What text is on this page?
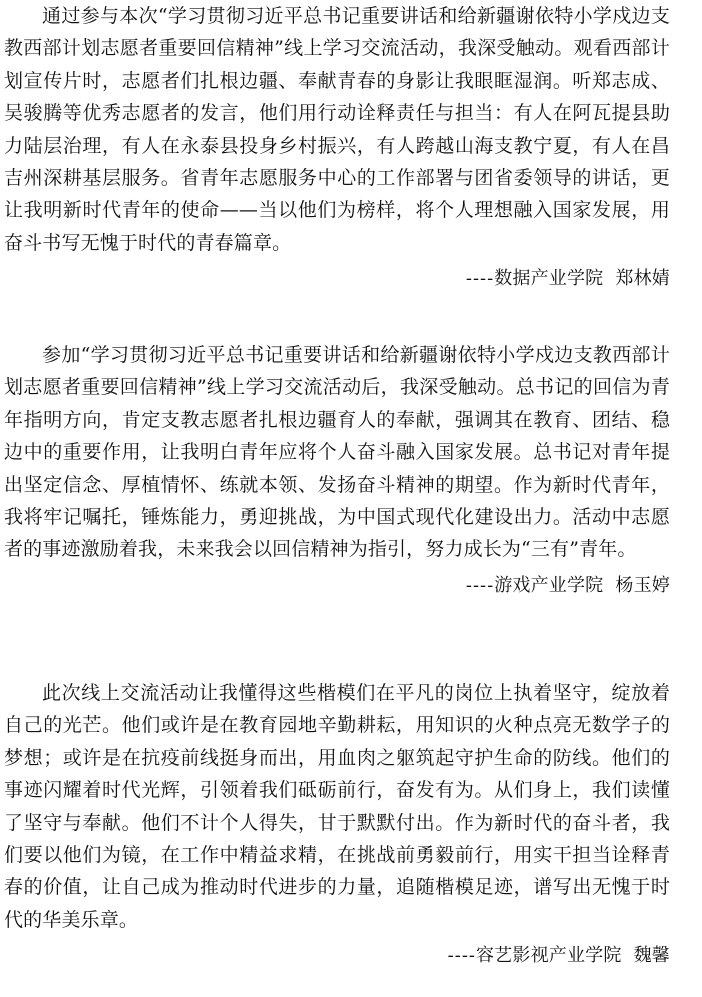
通过参与本次“学习贯彻习近平总书记重要讲话和给新疆谢依特小学戍边支教西部计划志愿者重要回信精神”线上学习交流活动，我深受触动。观看西部计划宣传片时，志愿者们扎根边疆、奉献青春的身影让我眼眶湿润。听郑志成、吴骏腾等优秀志愿者的发言，他们用行动诠释责任与担当：有人在阿瓦提县助力陆层治理，有人在永泰县投身乡村振兴，有人跨越山海支教宁夏，有人在昌吉州深耕基层服务。省青年志愿服务中心的工作部署与团省委领导的讲话，更让我明新时代青年的使命——当以他们为榜样，将个人理想融入国家发展，用奋斗书写无愧于时代的青春篇章。

----数据产业学院 郑林婧

参加“学习贯彻习近平总书记重要讲话和给新疆谢依特小学戍边支教西部计划志愿者重要回信精神”线上学习交流活动后，我深受触动。总书记的回信为青年指明方向，肯定支教志愿者扎根边疆育人的奉献，强调其在教育、团结、稳边中的重要作用，让我明白青年应将个人奋斗融入国家发展。总书记对青年提出坚定信念、厚植情怀、练就本领、发扬奋斗精神的期望。作为新时代青年，我将牢记嘱托，锤炼能力，勇迎挑战，为中国式现代化建设出力。活动中志愿者的事迹激励着我，未来我会以回信精神为指引，努力成长为“三有”青年。

----游戏产业学院 杨玉婷

此次线上交流活动让我懂得这些楷模们在平凡的岗位上执着坚守，绽放着自己的光芒。他们或许是在教育园地辛勤耕耘，用知识的火种点亮无数学子的梦想；或许是在抗疫前线挺身而出，用血肉之躯筑起守护生命的防线。他们的事迹闪耀着时代光辉，引领着我们砥砺前行，奋发有为。从们身上，我们读懂了坚守与奉献。他们不计个人得失，甘于默默付出。作为新时代的奋斗者，我们要以他们为镜，在工作中精益求精，在挑战前勇毅前行，用实干担当诠释青春的价值，让自己成为推动时代进步的力量，追随楷模足迹，谱写出无愧于时代的华美乐章。

----容艺影视产业学院 魏馨
